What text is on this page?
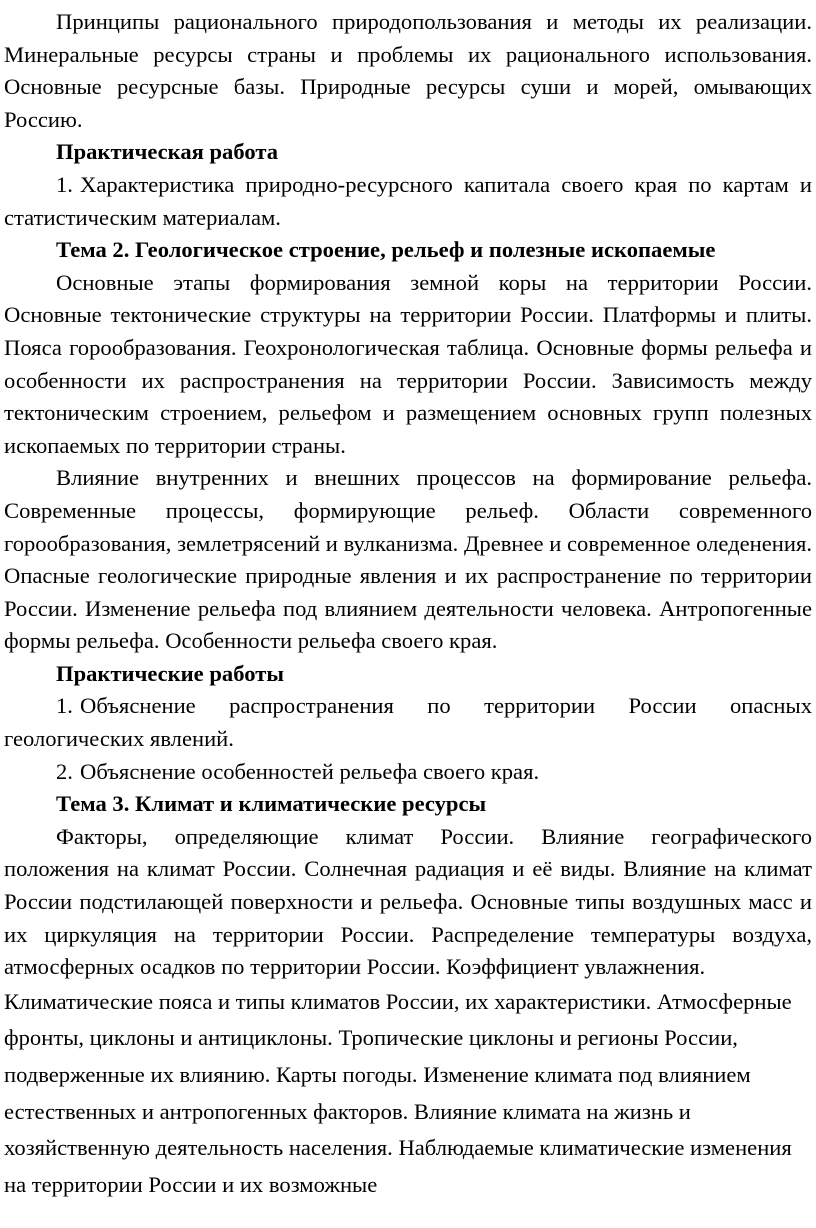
Принципы рационального природопользования и методы их реализации. Минеральные ресурсы страны и проблемы их рационального использования. Основные ресурсные базы. Природные ресурсы суши и морей, омывающих Россию.

Практическая работа

1. Характеристика природно-ресурсного капитала своего края по картам и статистическим материалам.

Тема 2. Геологическое строение, рельеф и полезные ископаемые

Основные этапы формирования земной коры на территории России. Основные тектонические структуры на территории России. Платформы и плиты. Пояса горообразования. Геохронологическая таблица. Основные формы рельефа и особенности их распространения на территории России. Зависимость между тектоническим строением, рельефом и размещением основных групп полезных ископаемых по территории страны.

Влияние внутренних и внешних процессов на формирование рельефа. Современные процессы, формирующие рельеф. Области современного горообразования, землетрясений и вулканизма. Древнее и современное оледенения. Опасные геологические природные явления и их распространение по территории России. Изменение рельефа под влиянием деятельности человека. Антропогенные формы рельефа. Особенности рельефа своего края.

Практические работы

1. Объяснение распространения по территории России опасных геологических явлений.

2. Объяснение особенностей рельефа своего края.

Тема 3. Климат и климатические ресурсы

Факторы, определяющие климат России. Влияние географического положения на климат России. Солнечная радиация и её виды. Влияние на климат России подстилающей поверхности и рельефа. Основные типы воздушных масс и их циркуляция на территории России. Распределение температуры воздуха, атмосферных осадков по территории России. Коэффициент увлажнения.

Климатические пояса и типы климатов России, их характеристики. Атмосферные фронты, циклоны и антициклоны. Тропические циклоны и регионы России, подверженные их влиянию. Карты погоды. Изменение климата под влиянием естественных и антропогенных факторов. Влияние климата на жизнь и хозяйственную деятельность населения. Наблюдаемые климатические изменения на территории России и их возможные
